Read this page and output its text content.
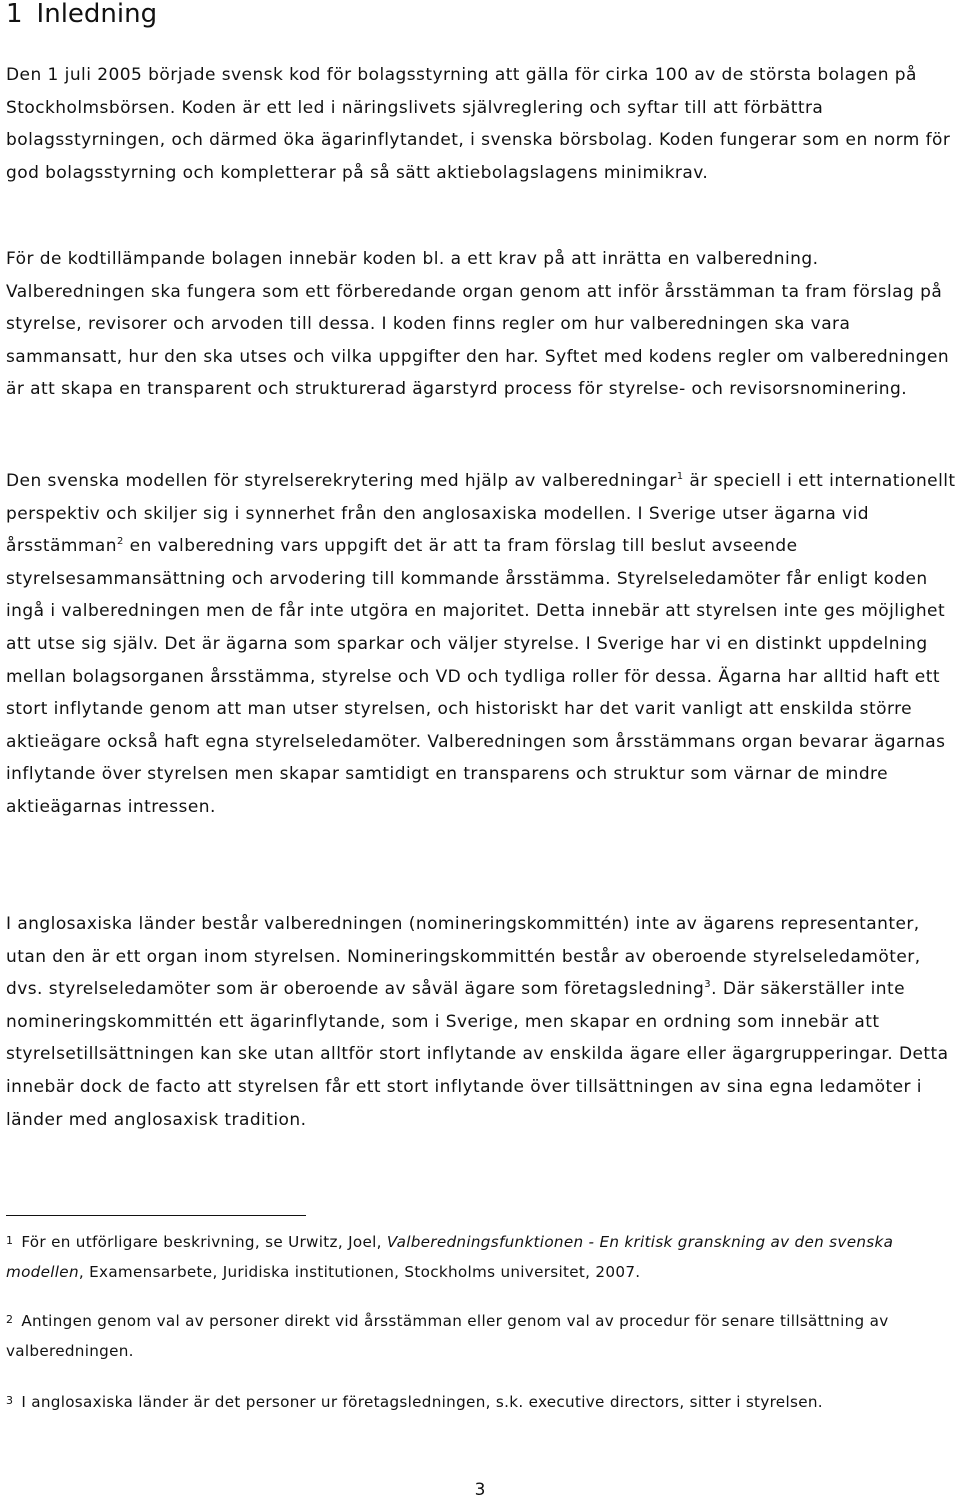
1 Inledning

Den 1 juli 2005 började svensk kod för bolagsstyrning att gälla för cirka 100 av de största bolagen på Stockholmsbörsen. Koden är ett led i näringslivets självreglering och syftar till att förbättra bolagsstyrningen, och därmed öka ägarinflytandet, i svenska börsbolag. Koden fungerar som en norm för god bolagsstyrning och kompletterar på så sätt aktiebolagslagens minimikrav.

För de kodtillämpande bolagen innebär koden bl. a ett krav på att inrätta en valberedning. Valberedningen ska fungera som ett förberedande organ genom att inför årsstämman ta fram förslag på styrelse, revisorer och arvoden till dessa. I koden finns regler om hur valberedningen ska vara sammansatt, hur den ska utses och vilka uppgifter den har. Syftet med kodens regler om valberedningen är att skapa en transparent och strukturerad ägarstyrd process för styrelse- och revisorsnominering.

Den svenska modellen för styrelserekrytering med hjälp av valberedningar$^1$ är speciell i ett internationellt perspektiv och skiljer sig i synnerhet från den anglosaxiska modellen. I Sverige utser ägarna vid årsstämman$^2$ en valberedning vars uppgift det är att ta fram förslag till beslut avseende styrelsesammansättning och arvodering till kommande årsstämma. Styrelseledamöter får enligt koden ingå i valberedningen men de får inte utgöra en majoritet. Detta innebär att styrelsen inte ges möjlighet att utse sig själv. Det är ägarna som sparkar och väljer styrelse. I Sverige har vi en distinkt uppdelning mellan bolagsorganen årsstämma, styrelse och VD och tydliga roller för dessa. Ägarna har alltid haft ett stort inflytande genom att man utser styrelsen, och historiskt har det varit vanligt att enskilda större aktieägare också haft egna styrelseledamöter. Valberedningen som årsstämmans organ bevarar ägarnas inflytande över styrelsen men skapar samtidigt en transparens och struktur som värnar de mindre aktieägarnas intressen.

I anglosaxiska länder består valberedningen (nomineringskommittén) inte av ägarens representanter, utan den är ett organ inom styrelsen. Nomineringskommittén består av oberoende styrelseledamöter, dvs. styrelseledamöter som är oberoende av såväl ägare som företagsledning$^3$. Där säkerställer inte nomineringskommittén ett ägarinflytande, som i Sverige, men skapar en ordning som innebär att styrelsetillsättningen kan ske utan alltför stort inflytande av enskilda ägare eller ägargrupperingar. Detta innebär dock de facto att styrelsen får ett stort inflytande över tillsättningen av sina egna ledamöter i länder med anglosaxisk tradition.

1 För en utförligare beskrivning, se Urwitz, Joel, Valberedningsfunktionen - En kritisk granskning av den svenska modellen, Examensarbete, Juridiska institutionen, Stockholms universitet, 2007.

2 Antingen genom val av personer direkt vid årsstämman eller genom val av procedur för senare tillsättning av valberedningen.

3 I anglosaxiska länder är det personer ur företagsledningen, s.k. executive directors, sitter i styrelsen.

3
